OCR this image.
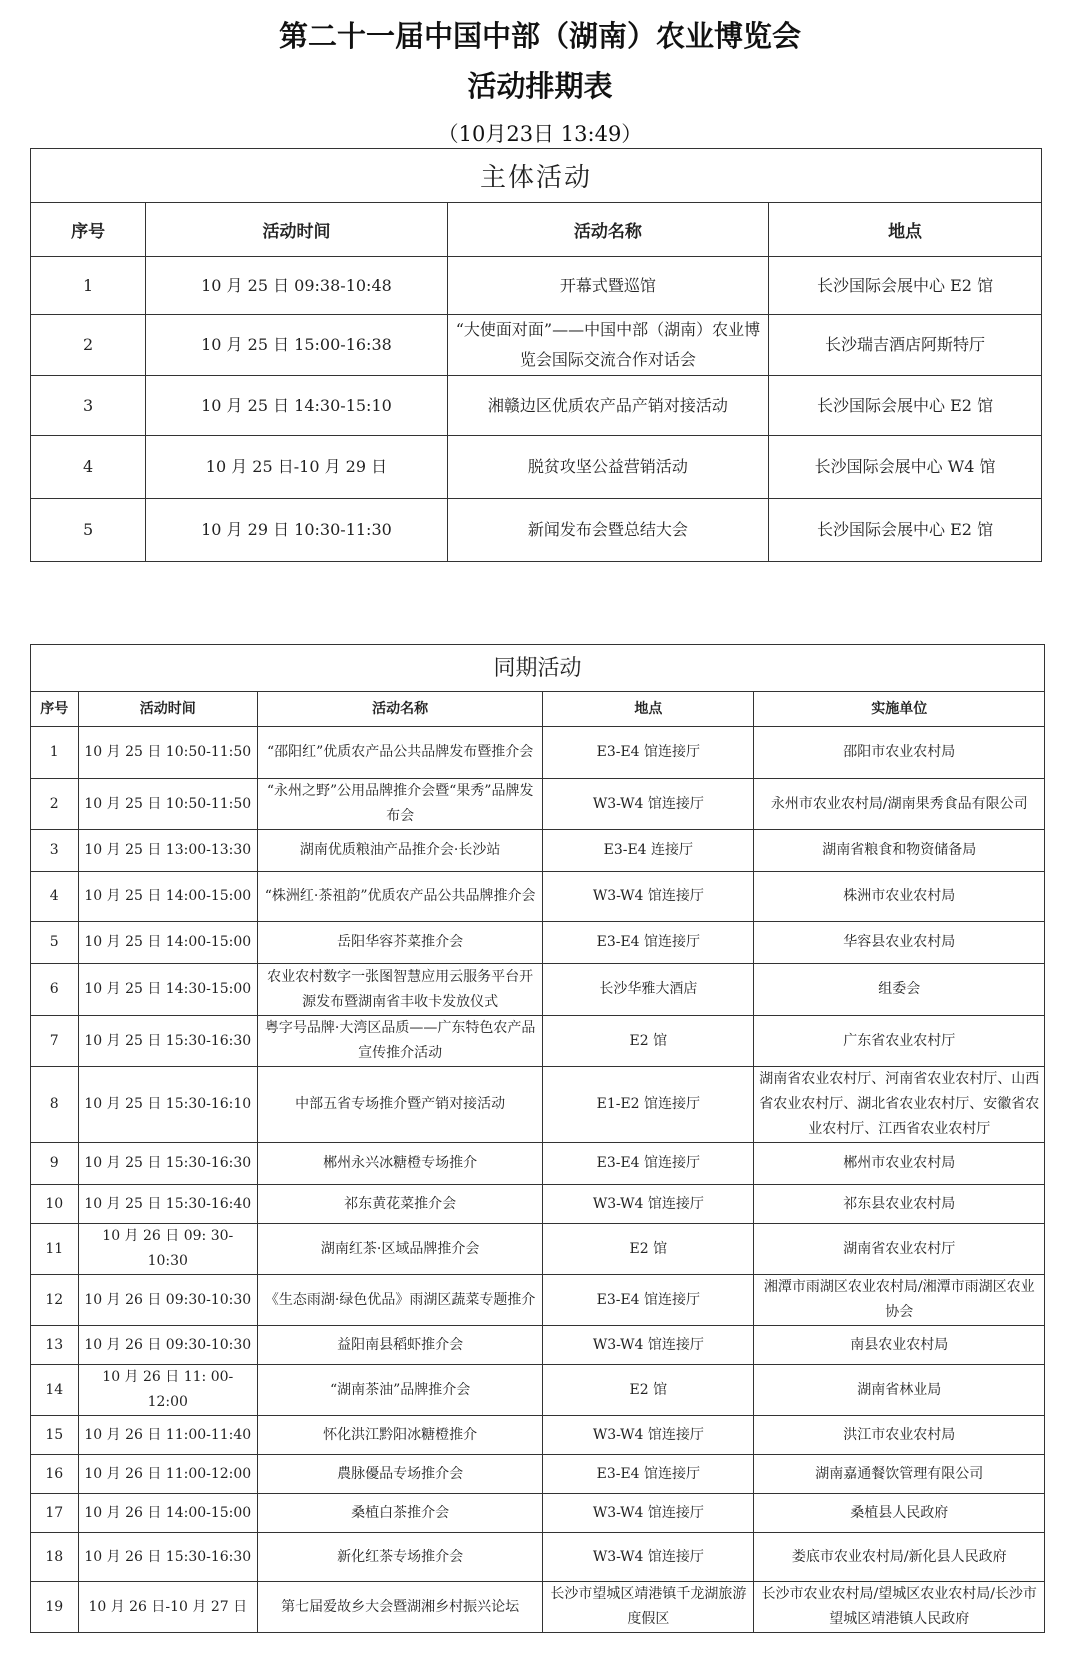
第二十一届中国中部（湖南）农业博览会
活动排期表
（10月23日 13:49）
主体活动			
序号	活动时间	活动名称	地点
1	10 月 25 日 09:38-10:48	开幕式暨巡馆	长沙国际会展中心 E2 馆
2	10 月 25 日 15:00-16:38	“大使面对面”——中国中部（湖南）农业博览会国际交流合作对话会	长沙瑞吉酒店阿斯特厅
3	10 月 25 日 14:30-15:10	湘赣边区优质农产品产销对接活动	长沙国际会展中心 E2 馆
4	10 月 25 日-10 月 29 日	脱贫攻坚公益营销活动	长沙国际会展中心 W4 馆
5	10 月 29 日 10:30-11:30	新闻发布会暨总结大会	长沙国际会展中心 E2 馆
同期活动				
序号	活动时间	活动名称	地点	实施单位
1	10 月 25 日 10:50-11:50	“邵阳红”优质农产品公共品牌发布暨推介会	E3-E4 馆连接厅	邵阳市农业农村局
2	10 月 25 日 10:50-11:50	“永州之野”公用品牌推介会暨“果秀”品牌发布会	W3-W4 馆连接厅	永州市农业农村局/湖南果秀食品有限公司
3	10 月 25 日 13:00-13:30	湖南优质粮油产品推介会·长沙站	E3-E4 连接厅	湖南省粮食和物资储备局
4	10 月 25 日 14:00-15:00	“株洲红·茶祖韵”优质农产品公共品牌推介会	W3-W4 馆连接厅	株洲市农业农村局
5	10 月 25 日 14:00-15:00	岳阳华容芥菜推介会	E3-E4 馆连接厅	华容县农业农村局
6	10 月 25 日 14:30-15:00	农业农村数字一张图智慧应用云服务平台开源发布暨湖南省丰收卡发放仪式	长沙华雅大酒店	组委会
7	10 月 25 日 15:30-16:30	粤字号品牌·大湾区品质——广东特色农产品宣传推介活动	E2 馆	广东省农业农村厅
8	10 月 25 日 15:30-16:10	中部五省专场推介暨产销对接活动	E1-E2 馆连接厅	湖南省农业农村厅、河南省农业农村厅、山西省农业农村厅、湖北省农业农村厅、安徽省农业农村厅、江西省农业农村厅
9	10 月 25 日 15:30-16:30	郴州永兴冰糖橙专场推介	E3-E4 馆连接厅	郴州市农业农村局
10	10 月 25 日 15:30-16:40	祁东黄花菜推介会	W3-W4 馆连接厅	祁东县农业农村局
11	10 月 26 日 09: 30-10:30	湖南红茶·区域品牌推介会	E2 馆	湖南省农业农村厅
12	10 月 26 日 09:30-10:30	《生态雨湖·绿色优品》雨湖区蔬菜专题推介	E3-E4 馆连接厅	湘潭市雨湖区农业农村局/湘潭市雨湖区农业协会
13	10 月 26 日 09:30-10:30	益阳南县稻虾推介会	W3-W4 馆连接厅	南县农业农村局
14	10 月 26 日 11: 00-12:00	“湖南茶油”品牌推介会	E2 馆	湖南省林业局
15	10 月 26 日 11:00-11:40	怀化洪江黔阳冰糖橙推介	W3-W4 馆连接厅	洪江市农业农村局
16	10 月 26 日 11:00-12:00	農脉優品专场推介会	E3-E4 馆连接厅	湖南嘉通餐饮管理有限公司
17	10 月 26 日 14:00-15:00	桑植白茶推介会	W3-W4 馆连接厅	桑植县人民政府
18	10 月 26 日 15:30-16:30	新化红茶专场推介会	W3-W4 馆连接厅	娄底市农业农村局/新化县人民政府
19	10 月 26 日-10 月 27 日	第七届爱故乡大会暨湖湘乡村振兴论坛	长沙市望城区靖港镇千龙湖旅游度假区	长沙市农业农村局/望城区农业农村局/长沙市望城区靖港镇人民政府
